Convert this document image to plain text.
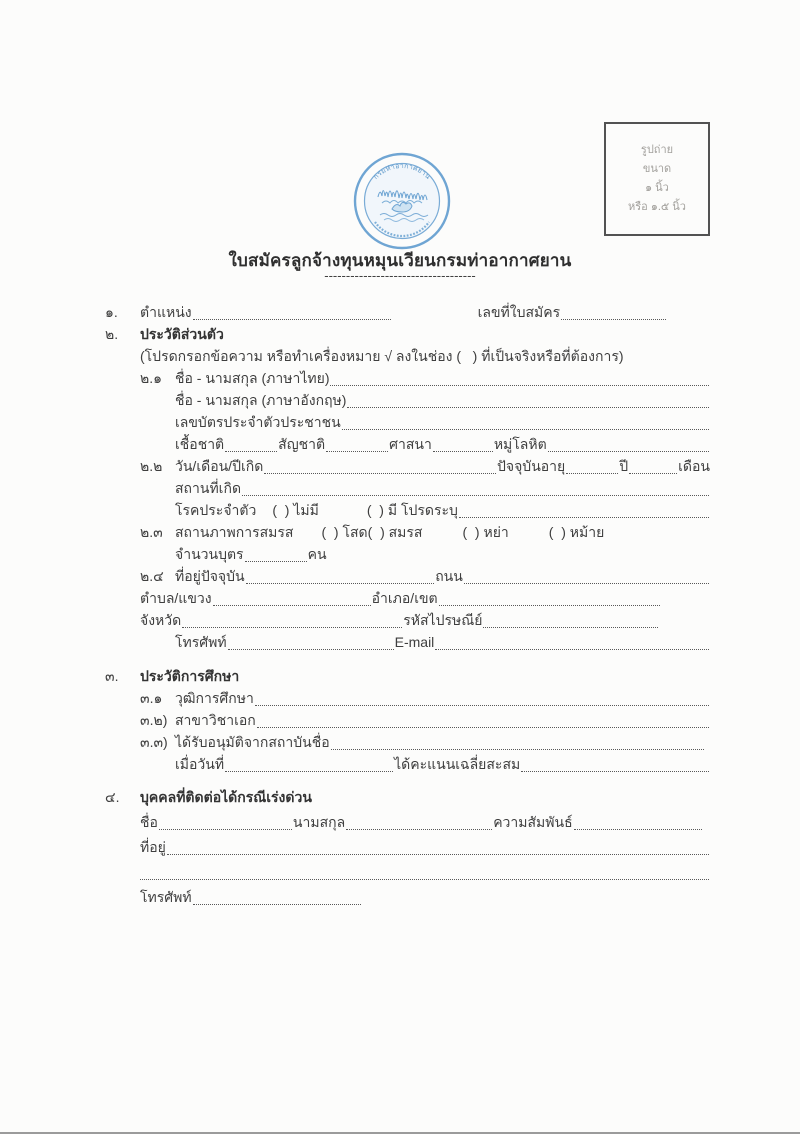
รูปถ่าย
ขนาด
๑ นิ้ว
หรือ ๑.๕ นิ้ว
กรมท่าอากาศยาน
ใบสมัครลูกจ้างทุนหมุนเวียนกรมท่าอากาศยาน
-----------------------------------
๑.	ตำแหน่ง	เลขที่ใบสมัคร
๒.	ประวัติส่วนตัว
(โปรดกรอกข้อความ หรือทำเครื่องหมาย √ ลงในช่อง (   ) ที่เป็นจริงหรือที่ต้องการ)
๒.๑ ชื่อ - นามสกุล (ภาษาไทย)
ชื่อ - นามสกุล (ภาษาอังกฤษ)
เลขบัตรประจำตัวประชาชน
เชื้อชาติ	สัญชาติ	ศาสนา	หมู่โลหิต
๒.๒ วัน/เดือน/ปีเกิด	ปัจจุบันอายุ	ปี	เดือน
สถานที่เกิด
โรคประจำตัว (  ) ไม่มี	(  ) มี โปรดระบุ
๒.๓ สถานภาพการสมรส (  ) โสด (  ) สมรส	(  ) หย่า	(  ) หม้าย
จำนวนบุตร	คน
๒.๔ ที่อยู่ปัจจุบัน	ถนน
ตำบล/แขวง	อำเภอ/เขต
จังหวัด	รหัสไปรษณีย์
โทรศัพท์	E-mail
๓.	ประวัติการศึกษา
๓.๑ วุฒิการศึกษา
๓.๒) สาขาวิชาเอก
๓.๓) ได้รับอนุมัติจากสถาบันชื่อ
เมื่อวันที่	ได้คะแนนเฉลี่ยสะสม
๔.	บุคคลที่ติดต่อได้กรณีเร่งด่วน
ชื่อ	นามสกุล	ความสัมพันธ์
ที่อยู่
โทรศัพท์
